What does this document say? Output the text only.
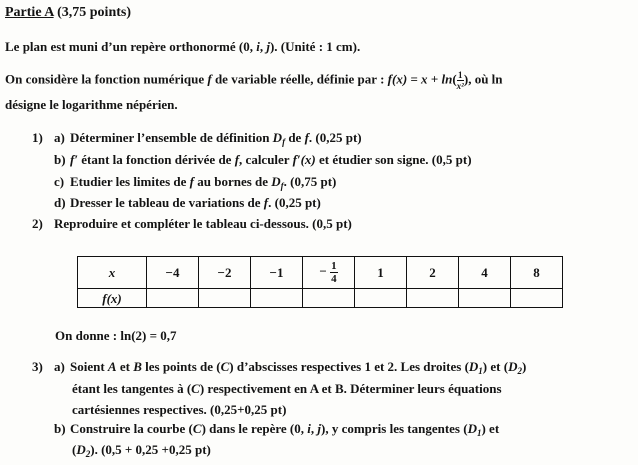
Partie A (3,75 points)
Le plan est muni d’un repère orthonormé (0, i, j). (Unité : 1 cm).
On considère la fonction numérique f de variable réelle, définie par : $f(x) = x + \ln( \frac{1}{\text{x²}}$ ), où ln
désigne le logarithme népérien.
1) a) Déterminer l’ensemble de définition $D_f$ de f. (0,25 pt)
b) f′ étant la fonction dérivée de f, calculer f′(x) et étudier son signe. (0,5 pt)
c) Etudier les limites de f au bornes de $D_f$. (0,75 pt)
d) Dresser le tableau de variations de f. (0,25 pt)
2) Reproduire et compléter le tableau ci-dessous. (0,5 pt)
x	−4	−2	−1	− $\frac{1}{4}$	1	2	4	8
f(x)								
On donne : ln(2) = 0,7
3) a) Soient A et B les points de (C) d’abscisses respectives 1 et 2. Les droites $(D_1)$ et $(D_2)$
étant les tangentes à (C) respectivement en A et B. Déterminer leurs équations
cartésiennes respectives. (0,25+0,25 pt)
b) Construire la courbe (C) dans le repère (0, i, j), y compris les tangentes $(D_1)$ et
$(D_2)$. (0,5 + 0,25 +0,25 pt)
